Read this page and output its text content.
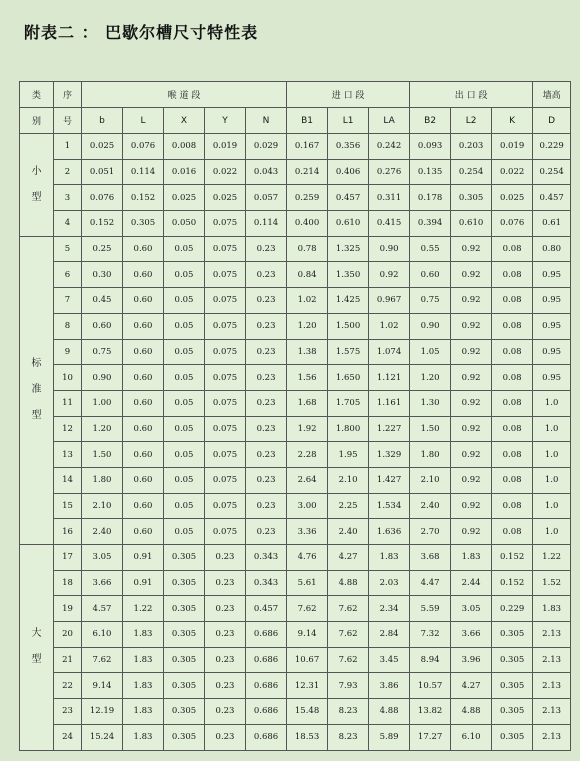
附表二 ： 巴歇尔槽尺寸特性表
类	序	喉 道 段					进 口 段			出 口 段			墙高
别	号	b	L	X	Y	N	B1	L1	LA	B2	L2	K	D

小
型	1	0.025	0.076	0.008	0.019	0.029	0.167	0.356	0.242	0.093	0.203	0.019	0.229
	2	0.051	0.114	0.016	0.022	0.043	0.214	0.406	0.276	0.135	0.254	0.022	0.254
	3	0.076	0.152	0.025	0.025	0.057	0.259	0.457	0.311	0.178	0.305	0.025	0.457
	4	0.152	0.305	0.050	0.075	0.114	0.400	0.610	0.415	0.394	0.610	0.076	0.61

标
准
型	5	0.25	0.60	0.05	0.075	0.23	0.78	1.325	0.90	0.55	0.92	0.08	0.80
	6	0.30	0.60	0.05	0.075	0.23	0.84	1.350	0.92	0.60	0.92	0.08	0.95
	7	0.45	0.60	0.05	0.075	0.23	1.02	1.425	0.967	0.75	0.92	0.08	0.95
	8	0.60	0.60	0.05	0.075	0.23	1.20	1.500	1.02	0.90	0.92	0.08	0.95
	9	0.75	0.60	0.05	0.075	0.23	1.38	1.575	1.074	1.05	0.92	0.08	0.95
	10	0.90	0.60	0.05	0.075	0.23	1.56	1.650	1.121	1.20	0.92	0.08	0.95
	11	1.00	0.60	0.05	0.075	0.23	1.68	1.705	1.161	1.30	0.92	0.08	1.0
	12	1.20	0.60	0.05	0.075	0.23	1.92	1.800	1.227	1.50	0.92	0.08	1.0
	13	1.50	0.60	0.05	0.075	0.23	2.28	1.95	1.329	1.80	0.92	0.08	1.0
	14	1.80	0.60	0.05	0.075	0.23	2.64	2.10	1.427	2.10	0.92	0.08	1.0
	15	2.10	0.60	0.05	0.075	0.23	3.00	2.25	1.534	2.40	0.92	0.08	1.0
	16	2.40	0.60	0.05	0.075	0.23	3.36	2.40	1.636	2.70	0.92	0.08	1.0

大
型	17	3.05	0.91	0.305	0.23	0.343	4.76	4.27	1.83	3.68	1.83	0.152	1.22
	18	3.66	0.91	0.305	0.23	0.343	5.61	4.88	2.03	4.47	2.44	0.152	1.52
	19	4.57	1.22	0.305	0.23	0.457	7.62	7.62	2.34	5.59	3.05	0.229	1.83
	20	6.10	1.83	0.305	0.23	0.686	9.14	7.62	2.84	7.32	3.66	0.305	2.13
	21	7.62	1.83	0.305	0.23	0.686	10.67	7.62	3.45	8.94	3.96	0.305	2.13
	22	9.14	1.83	0.305	0.23	0.686	12.31	7.93	3.86	10.57	4.27	0.305	2.13
	23	12.19	1.83	0.305	0.23	0.686	15.48	8.23	4.88	13.82	4.88	0.305	2.13
	24	15.24	1.83	0.305	0.23	0.686	18.53	8.23	5.89	17.27	6.10	0.305	2.13
